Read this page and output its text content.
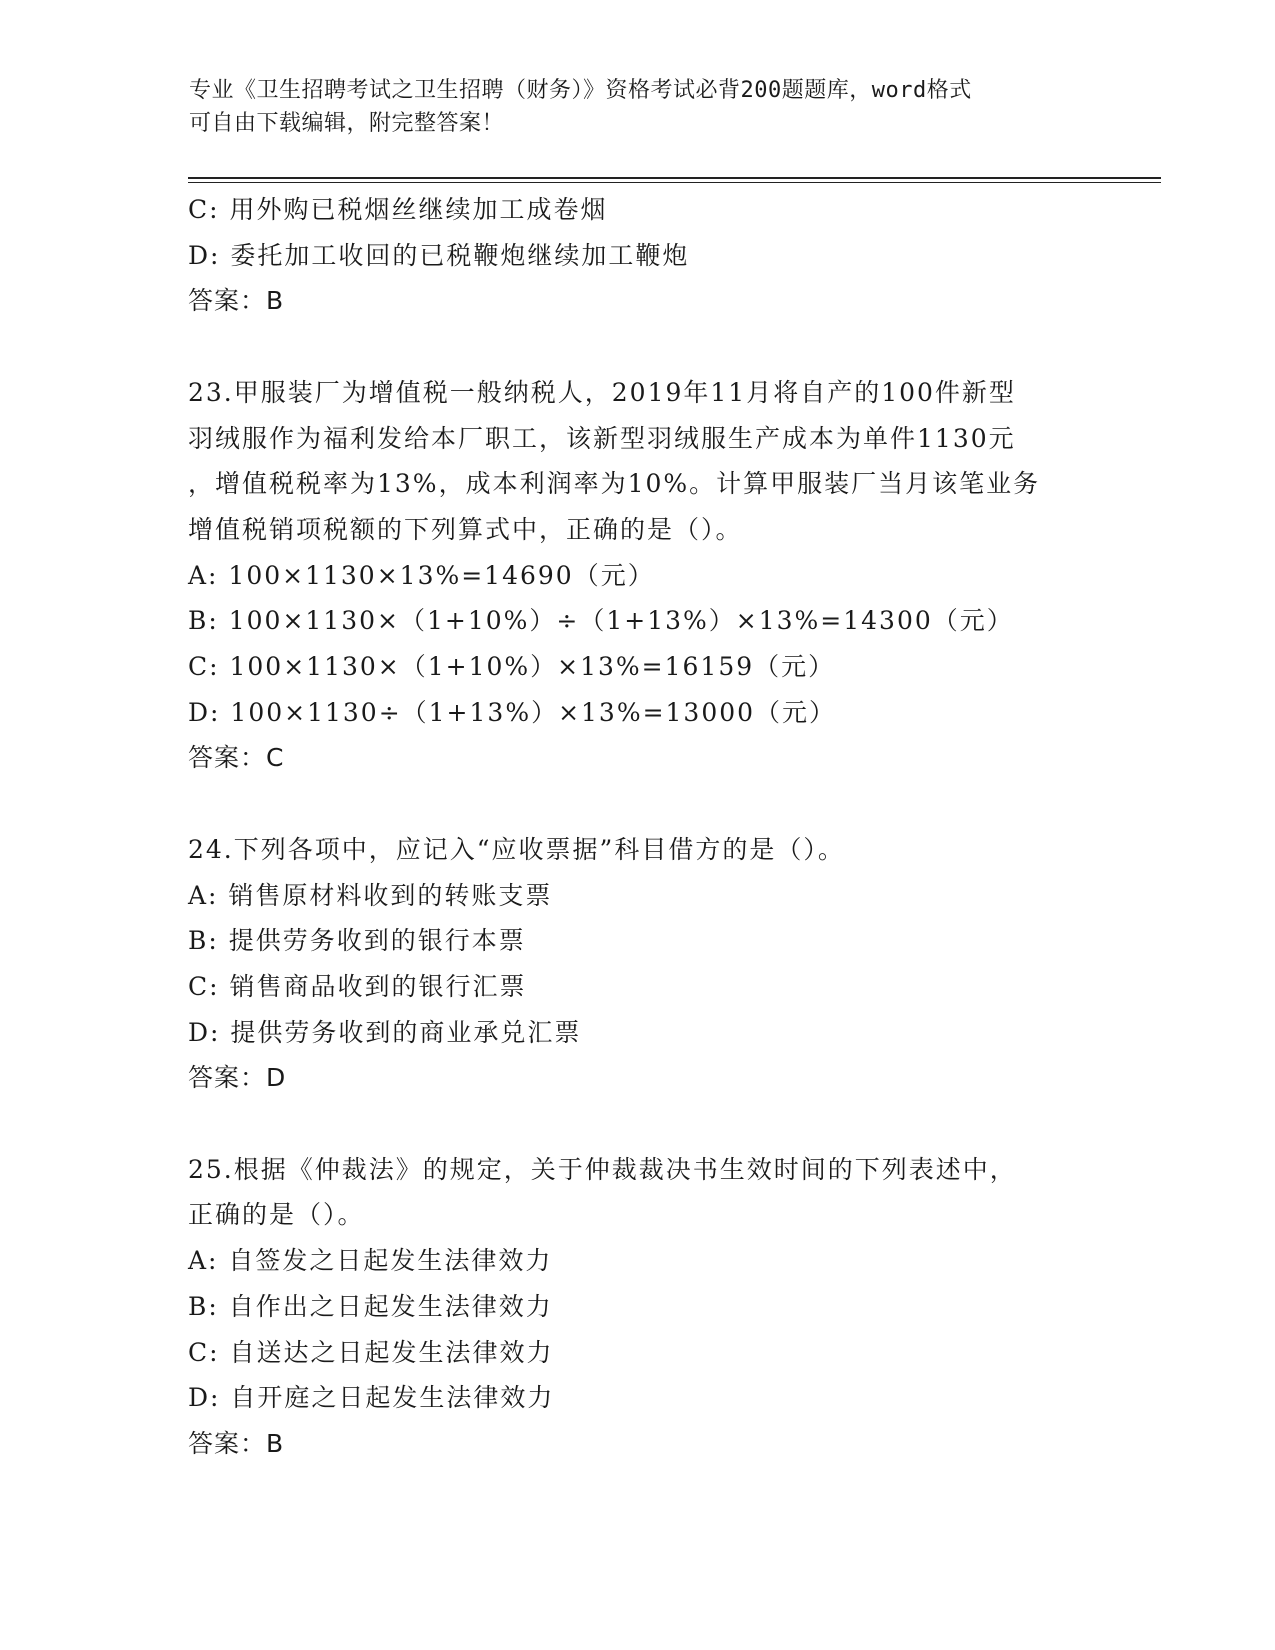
专业《卫生招聘考试之卫生招聘（财务）》资格考试必背200题题库，word格式
可自由下载编辑，附完整答案！
C: 用外购已税烟丝继续加工成卷烟
D: 委托加工收回的已税鞭炮继续加工鞭炮
答案：B
23.甲服装厂为增值税一般纳税人，2019年11月将自产的100件新型
羽绒服作为福利发给本厂职工，该新型羽绒服生产成本为单件1130元
，增值税税率为13%，成本利润率为10%。计算甲服装厂当月该笔业务
增值税销项税额的下列算式中，正确的是（）。
A: 100×1130×13%=14690（元）
B: 100×1130×（1+10%）÷（1+13%）×13%=14300（元）
C: 100×1130×（1+10%）×13%=16159（元）
D: 100×1130÷（1+13%）×13%=13000（元）
答案：C
24.下列各项中，应记入“应收票据”科目借方的是（）。
A: 销售原材料收到的转账支票
B: 提供劳务收到的银行本票
C: 销售商品收到的银行汇票
D: 提供劳务收到的商业承兑汇票
答案：D
25.根据《仲裁法》的规定，关于仲裁裁决书生效时间的下列表述中，
正确的是（）。
A: 自签发之日起发生法律效力
B: 自作出之日起发生法律效力
C: 自送达之日起发生法律效力
D: 自开庭之日起发生法律效力
答案：B
